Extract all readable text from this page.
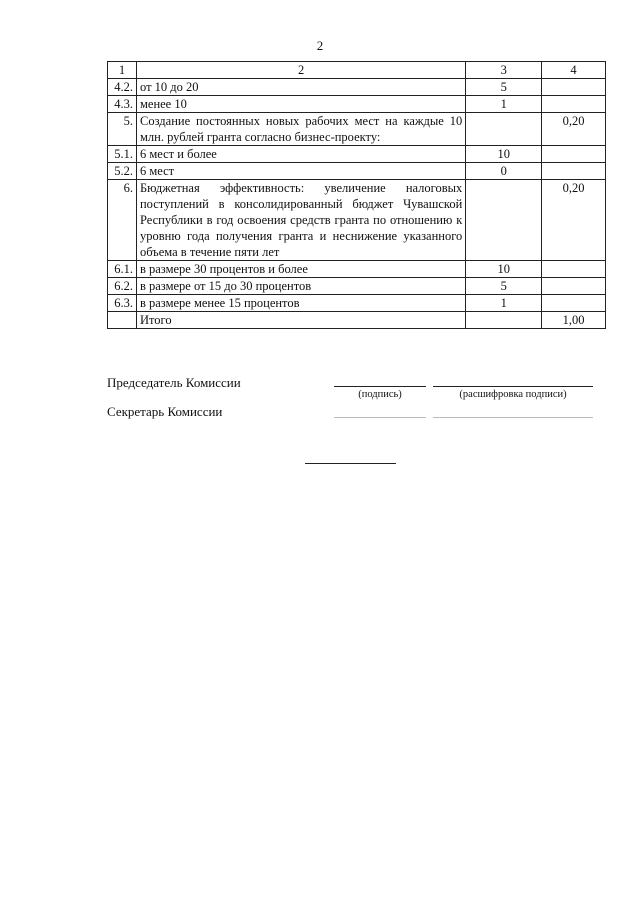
2
1	2	3	4
4.2.	от 10 до 20	5	
4.3.	менее 10	1	
5.	Создание постоянных новых рабочих мест на каждые 10 млн. рублей гранта согласно бизнес-проекту:		0,20
5.1.	6 мест и более	10	
5.2.	6 мест	0	
6.	Бюджетная эффективность: увеличение налоговых поступлений в консолидированный бюджет Чувашской Республики в год освоения средств гранта по отношению к уровню года получения гранта и неснижение указанного объема в течение пяти лет		0,20
6.1.	в размере 30 процентов и более	10	
6.2.	в размере от 15 до 30 процентов	5	
6.3.	в размере менее 15 процентов	1	
	Итого		1,00
Председатель Комиссии
(подпись)	(расшифровка подписи)
Секретарь Комиссии
